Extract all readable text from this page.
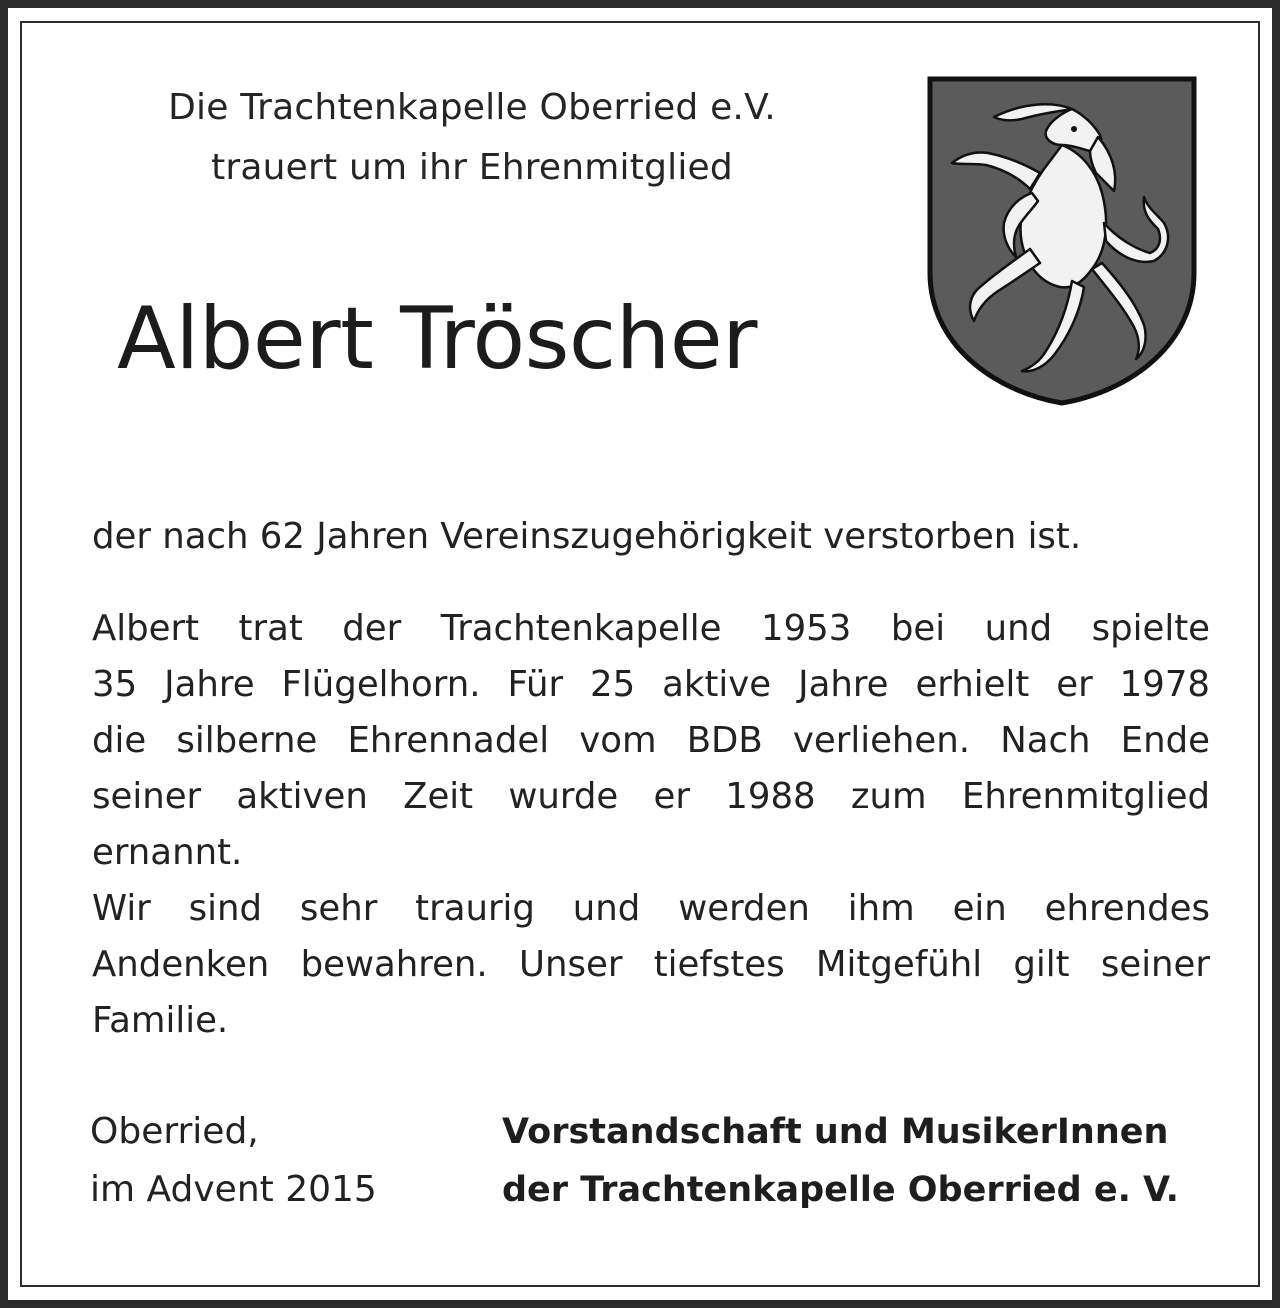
Die Trachtenkapelle Oberried e.V.
trauert um ihr Ehrenmitglied
Albert Tröscher
der nach 62 Jahren Vereinszugehörigkeit verstorben ist.
Albert trat der Trachtenkapelle 1953 bei und spielte
35 Jahre Flügelhorn. Für 25 aktive Jahre erhielt er 1978
die silberne Ehrennadel vom BDB verliehen. Nach Ende
seiner aktiven Zeit wurde er 1988 zum Ehrenmitglied
ernannt.
Wir sind sehr traurig und werden ihm ein ehrendes
Andenken bewahren. Unser tiefstes Mitgefühl gilt seiner
Familie.
Oberried,
im Advent 2015
Vorstandschaft und MusikerInnen
der Trachtenkapelle Oberried e. V.
